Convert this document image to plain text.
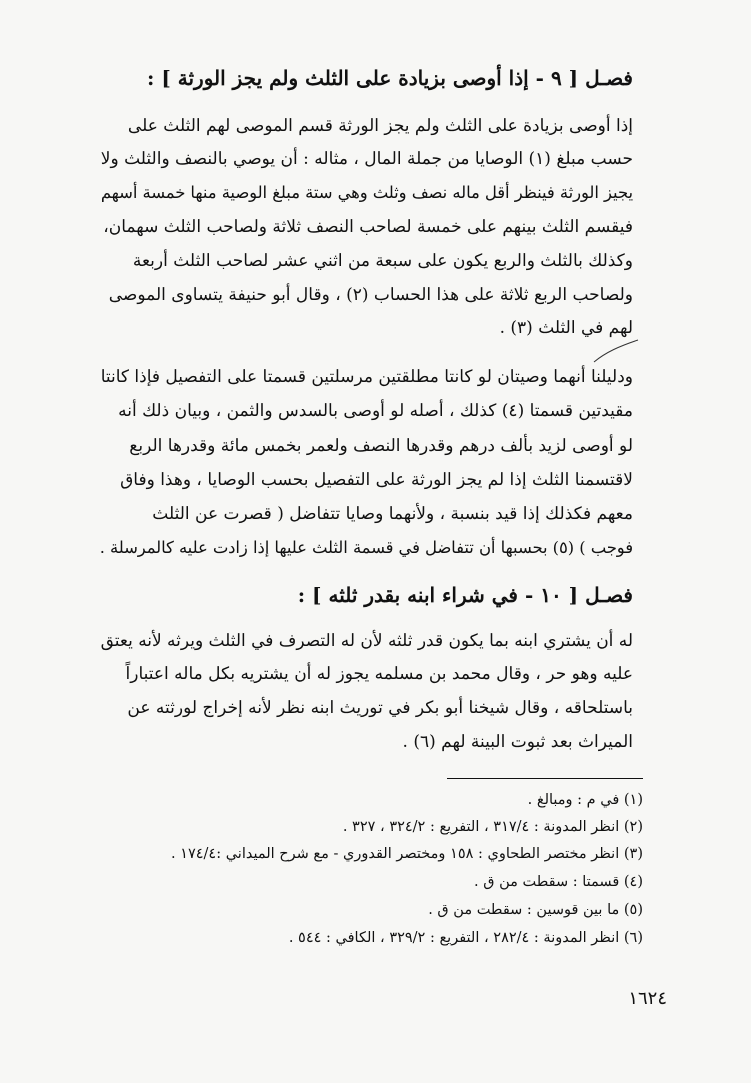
فصـل [ ٩ - إذا أوصى بزيادة على الثلث ولم يجز الورثة ] :
إذا أوصى بزيادة على الثلث ولم يجز الورثة قسم الموصى لهم الثلث على
حسب مبلغ (١) الوصايا من جملة المال ، مثاله : أن يوصي بالنصف والثلث ولا
يجيز الورثة فينظر أقل ماله نصف وثلث وهي ستة مبلغ الوصية منها خمسة أسهم
فيقسم الثلث بينهم على خمسة لصاحب النصف ثلاثة ولصاحب الثلث سهمان،
وكذلك بالثلث والربع يكون على سبعة من اثني عشر لصاحب الثلث أربعة
ولصاحب الربع ثلاثة على هذا الحساب (٢) ، وقال أبو حنيفة يتساوى الموصى
لهم في الثلث (٣) .
ودليلنا أنهما وصيتان لو كانتا مطلقتين مرسلتين قسمتا على التفصيل فإذا كانتا
مقيدتين قسمتا (٤) كذلك ، أصله لو أوصى بالسدس والثمن ، وبيان ذلك أنه
لو أوصى لزيد بألف درهم وقدرها النصف ولعمر بخمس مائة وقدرها الربع
لاقتسمنا الثلث إذا لم يجز الورثة على التفصيل بحسب الوصايا ، وهذا وفاق
معهم فكذلك إذا قيد بنسبة ، ولأنهما وصايا تتفاضل ( قصرت عن الثلث
فوجب ) (٥) بحسبها أن تتفاضل في قسمة الثلث عليها إذا زادت عليه كالمرسلة .
فصـل [ ١٠ - في شراء ابنه بقدر ثلثه ] :
له أن يشتري ابنه بما يكون قدر ثلثه لأن له التصرف في الثلث ويرثه لأنه يعتق
عليه وهو حر ، وقال محمد بن مسلمه يجوز له أن يشتريه بكل ماله اعتباراً
باستلحاقه ، وقال شيخنا أبو بكر في توريث ابنه نظر لأنه إخراج لورثته عن
الميراث بعد ثبوت البينة لهم (٦) .
(١) في م : ومبالغ .
(٢) انظر المدونة : ٣١٧/٤ ، التفريع : ٣٢٤/٢ ، ٣٢٧ .
(٣) انظر مختصر الطحاوي : ١٥٨ ومختصر القدوري - مع شرح الميداني :١٧٤/٤ .
(٤) قسمتا : سقطت من ق .
(٥) ما بين قوسين : سقطت من ق .
(٦) انظر المدونة : ٢٨٢/٤ ، التفريع : ٣٢٩/٢ ، الكافي : ٥٤٤ .
١٦٢٤
